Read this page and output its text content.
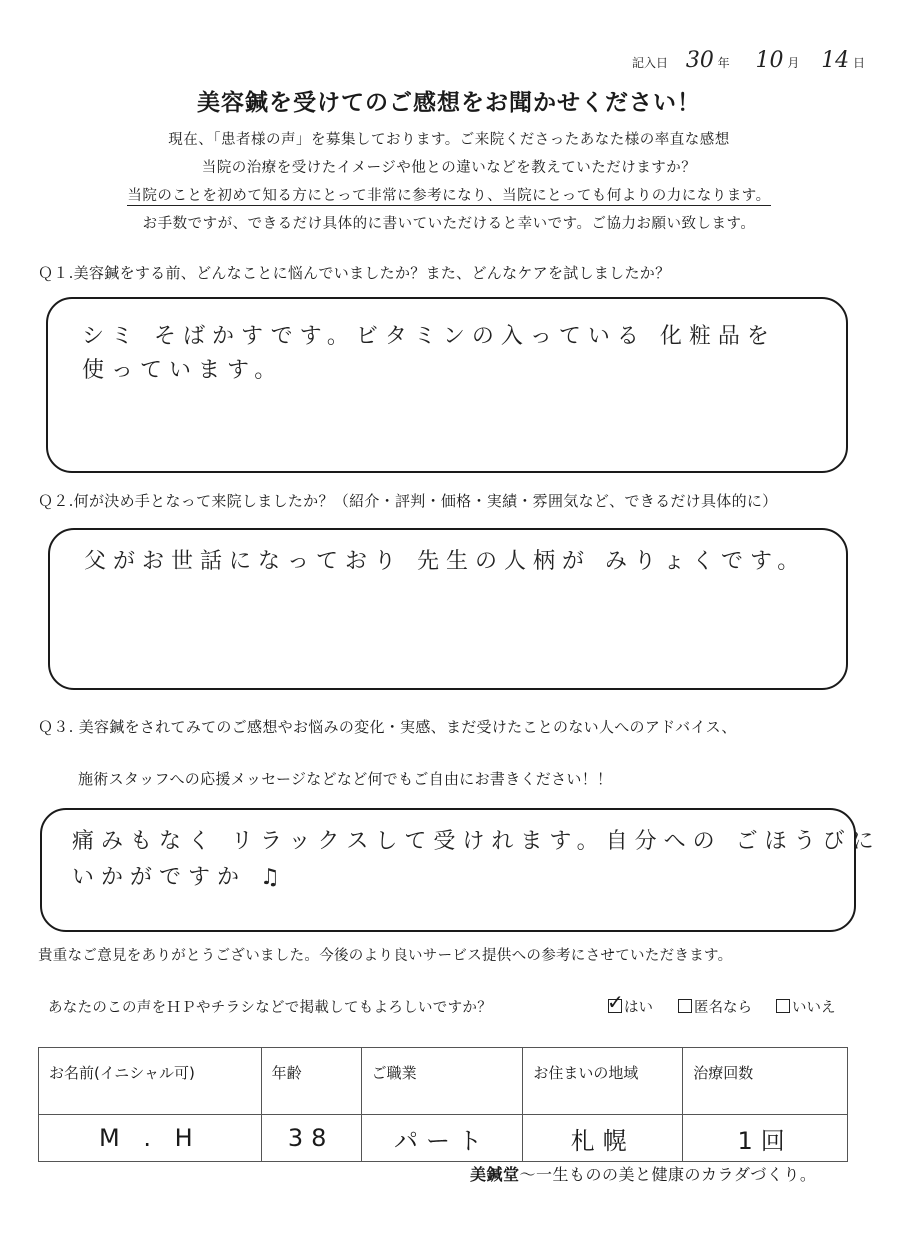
記入日 30 年 10 月 14 日
美容鍼を受けてのご感想をお聞かせください！
現在、「患者様の声」を募集しております。ご来院くださったあなた様の率直な感想
当院の治療を受けたイメージや他との違いなどを教えていただけますか？
当院のことを初めて知る方にとって非常に参考になり、当院にとっても何よりの力になります。
お手数ですが、できるだけ具体的に書いていただけると幸いです。ご協力お願い致します。
Ｑ１.美容鍼をする前、どんなことに悩んでいましたか？また、どんなケアを試しましたか？
シミ そばかすです。ビタミンの入っている 化粧品を
使っています。
Ｑ２.何が決め手となって来院しましたか？（紹介・評判・価格・実績・雰囲気など、できるだけ具体的に）
父がお世話になっており 先生の人柄が みりょくです。
Ｑ３. 美容鍼をされてみてのご感想やお悩みの変化・実感、まだ受けたことのない人へのアドバイス、
施術スタッフへの応援メッセージなどなど何でもご自由にお書きください！！
痛みもなく リラックスして受けれます。自分への ごほうびに
いかがですか ♫
貴重なご意見をありがとうございました。今後のより良いサービス提供への参考にさせていただきます。
あなたのこの声をＨＰやチラシなどで掲載してもよろしいですか？	✓ はい	匿名なら	いいえ
お名前(イニシャル可)	年齢	ご職業	お住まいの地域	治療回数
M . H	38	パート	札幌	1回
美鍼堂〜一生ものの美と健康のカラダづくり。
